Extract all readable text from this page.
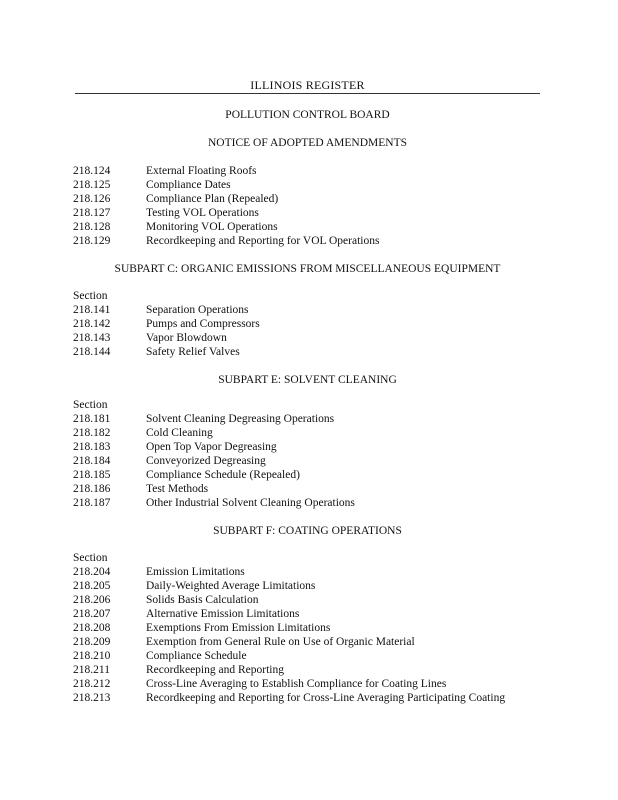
ILLINOIS REGISTER
POLLUTION CONTROL BOARD
NOTICE OF ADOPTED AMENDMENTS
218.124	External Floating Roofs
218.125	Compliance Dates
218.126	Compliance Plan (Repealed)
218.127	Testing VOL Operations
218.128	Monitoring VOL Operations
218.129	Recordkeeping and Reporting for VOL Operations
SUBPART C: ORGANIC EMISSIONS FROM MISCELLANEOUS EQUIPMENT
Section
218.141	Separation Operations
218.142	Pumps and Compressors
218.143	Vapor Blowdown
218.144	Safety Relief Valves
SUBPART E: SOLVENT CLEANING
Section
218.181	Solvent Cleaning Degreasing Operations
218.182	Cold Cleaning
218.183	Open Top Vapor Degreasing
218.184	Conveyorized Degreasing
218.185	Compliance Schedule (Repealed)
218.186	Test Methods
218.187	Other Industrial Solvent Cleaning Operations
SUBPART F: COATING OPERATIONS
Section
218.204	Emission Limitations
218.205	Daily-Weighted Average Limitations
218.206	Solids Basis Calculation
218.207	Alternative Emission Limitations
218.208	Exemptions From Emission Limitations
218.209	Exemption from General Rule on Use of Organic Material
218.210	Compliance Schedule
218.211	Recordkeeping and Reporting
218.212	Cross-Line Averaging to Establish Compliance for Coating Lines
218.213	Recordkeeping and Reporting for Cross-Line Averaging Participating Coating
